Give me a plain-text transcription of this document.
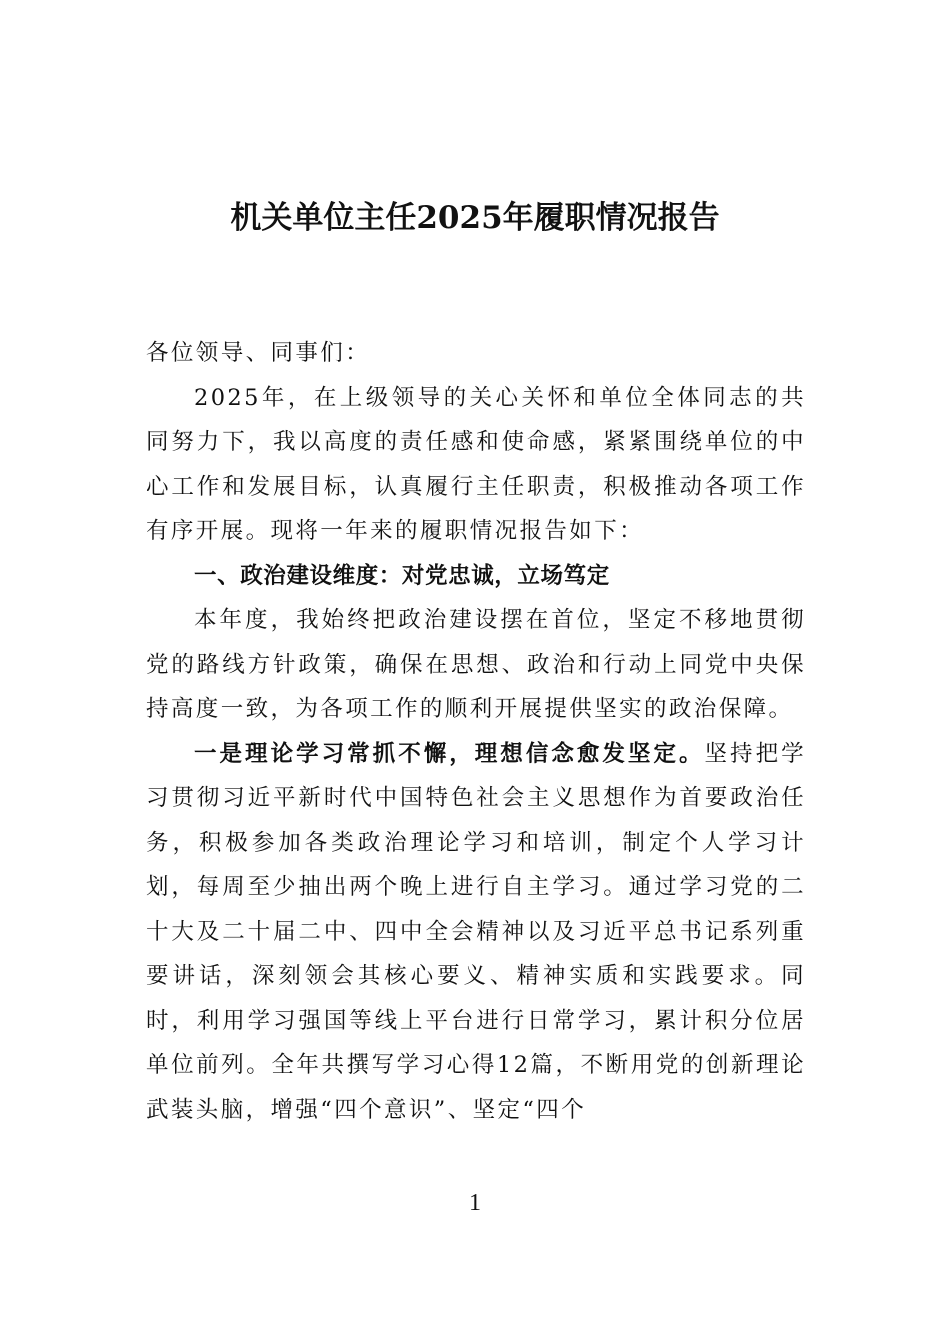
机关单位主任2025年履职情况报告

各位领导、同事们：

2025年，在上级领导的关心关怀和单位全体同志的共同努力下，我以高度的责任感和使命感，紧紧围绕单位的中心工作和发展目标，认真履行主任职责，积极推动各项工作有序开展。现将一年来的履职情况报告如下：

一、政治建设维度：对党忠诚，立场笃定

本年度，我始终把政治建设摆在首位，坚定不移地贯彻党的路线方针政策，确保在思想、政治和行动上同党中央保持高度一致，为各项工作的顺利开展提供坚实的政治保障。

一是理论学习常抓不懈，理想信念愈发坚定。坚持把学习贯彻习近平新时代中国特色社会主义思想作为首要政治任务，积极参加各类政治理论学习和培训，制定个人学习计划，每周至少抽出两个晚上进行自主学习。通过学习党的二十大及二十届二中、四中全会精神以及习近平总书记系列重要讲话，深刻领会其核心要义、精神实质和实践要求。同时，利用学习强国等线上平台进行日常学习，累计积分位居单位前列。全年共撰写学习心得12篇，不断用党的创新理论武装头脑，增强“四个意识”、坚定“四个

1
